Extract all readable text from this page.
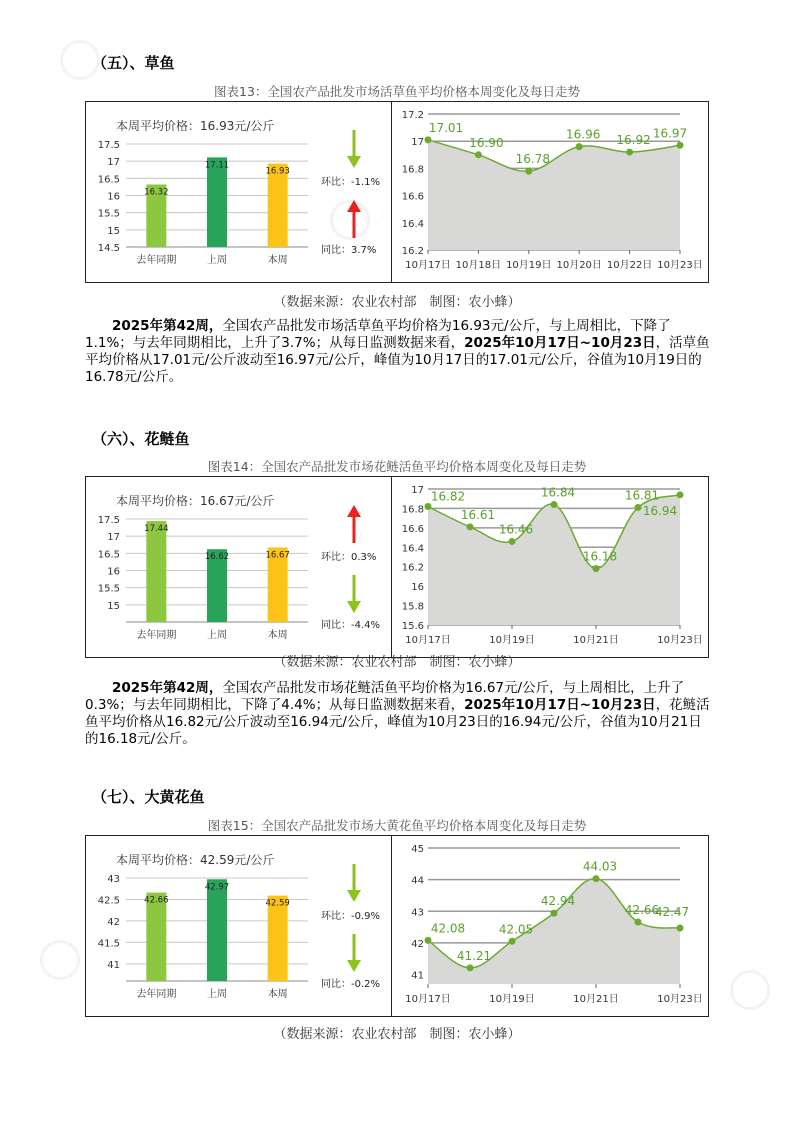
（五）、草鱼
图表13：全国农产品批发市场活草鱼平均价格本周变化及每日走势
本周平均价格：16.93元/公斤
14.5
15
15.5
16
16.5
17
17.5
16.32
去年同期
17.11
上周
16.93
本周
环比：-1.1%
同比：3.7%	16.2
16.4
16.6
16.8
17
17.2
17.01
16.90
16.78
16.96 16.92 16.97
10月17日 10月18日 10月19日 10月20日 10月22日 10月23日
（数据来源：农业农村部　制图：农小蜂）
2025年第42周，全国农产品批发市场活草鱼平均价格为16.93元/公斤，与上周相比，下降了1.1%；与去年同期相比，上升了3.7%；从每日监测数据来看，2025年10月17日~10月23日，活草鱼平均价格从17.01元/公斤波动至16.97元/公斤，峰值为10月17日的17.01元/公斤，谷值为10月19日的16.78元/公斤。
（六）、花鲢鱼
图表14：全国农产品批发市场花鲢活鱼平均价格本周变化及每日走势
本周平均价格：16.67元/公斤
15
15.5
16
16.5
17
17.5
17.44
去年同期
16.62
上周
16.67
本周
环比：0.3%
同比：-4.4% 15.6
15.8
16
16.2
16.4
16.6
16.8
17 16.82
16.61
16.46
16.84
16.18
16.81
16.94
10月17日	10月19日	10月21日	10月23日
（数据来源：农业农村部　制图：农小蜂）
2025年第42周，全国农产品批发市场花鲢活鱼平均价格为16.67元/公斤，与上周相比，上升了0.3%；与去年同期相比，下降了4.4%；从每日监测数据来看，2025年10月17日~10月23日，花鲢活鱼平均价格从16.82元/公斤波动至16.94元/公斤，峰值为10月23日的16.94元/公斤，谷值为10月21日的16.18元/公斤。
（七）、大黄花鱼
图表15：全国农产品批发市场大黄花鱼平均价格本周变化及每日走势
本周平均价格：42.59元/公斤
41
41.5
42
42.5
43
42.66
去年同期
42.97
上周
42.59
本周
环比：-0.9%
同比：-0.2%
41
42
43
44
45
42.08
41.21
42.05
42.94
44.03
42.66
42.47
10月17日	10月19日	10月21日	10月23日
（数据来源：农业农村部　制图：农小蜂）
